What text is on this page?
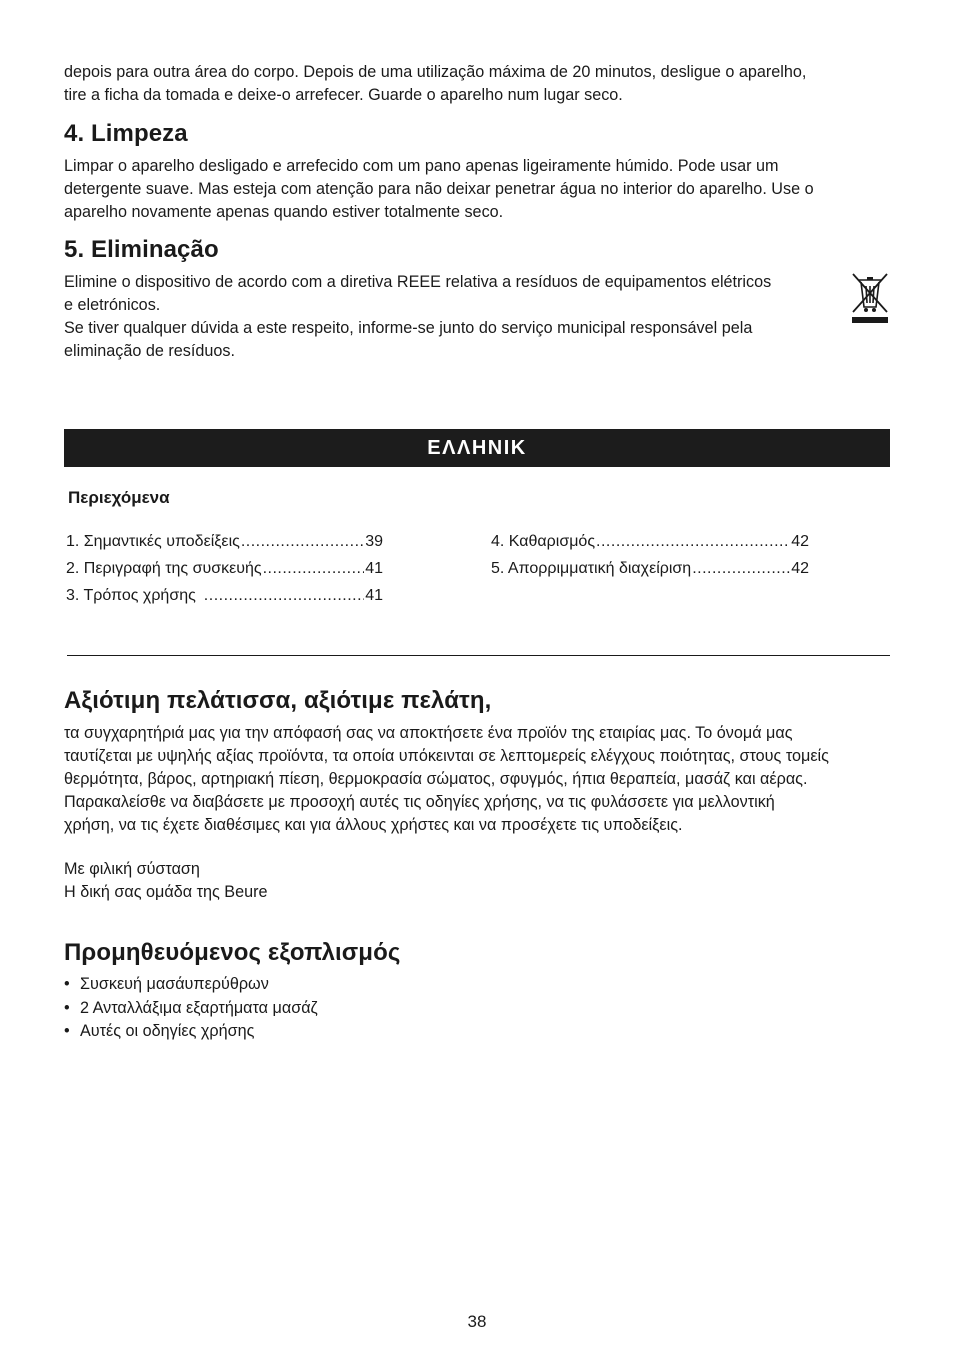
depois para outra área do corpo. Depois de uma utilização máxima de 20 minutos, desligue o aparelho,
tire a ficha da tomada e deixe-o arrefecer. Guarde o aparelho num lugar seco.
4. Limpeza
Limpar o aparelho desligado e arrefecido com um pano apenas ligeiramente húmido. Pode usar um
detergente suave. Mas esteja com atenção para não deixar penetrar água no interior do aparelho. Use o
aparelho novamente apenas quando estiver totalmente seco.
5. Eliminação
Elimine o dispositivo de acordo com a diretiva REEE relativa a resíduos de equipamentos elétricos
e eletrónicos.
Se tiver qualquer dúvida a este respeito, informe-se junto do serviço municipal responsável pela
eliminação de resíduos.
ΕΛΛΗΝΙΚ
Περιεχόμενα
1. Σημαντικές υποδείξεις .....	39
2. Περιγραφή της συσκευής .....	41
3. Τρόπος χρήσης .....	41
4. Καθαρισμός .....	42
5. Απορριμματική διαχείριση .....	42
Αξιότιμη πελάτισσα, αξιότιμε πελάτη,
τα συγχαρητήριά μας για την απόφασή σας να αποκτήσετε ένα προϊόν της εταιρίας μας. Το όνομά μας
ταυτίζεται με υψηλής αξίας προϊόντα, τα οποία υπόκεινται σε λεπτομερείς ελέγχους ποιότητας, στους τομείς
θερμότητα, βάρος, αρτηριακή πίεση, θερμοκρασία σώματος, σφυγμός, ήπια θεραπεία, μασάζ και αέρας.
Παρακαλείσθε να διαβάσετε με προσοχή αυτές τις οδηγίες χρήσης, να τις φυλάσσετε για μελλοντική
χρήση, να τις έχετε διαθέσιμες και για άλλους χρήστες και να προσέχετε τις υποδείξεις.
Με φιλική σύσταση
Η δική σας ομάδα της Beure
Προμηθευόμενος εξοπλισμός
• Συσκευή μασάυπερύθρων
• 2 Ανταλλάξιμα εξαρτήματα μασάζ
• Αυτές οι οδηγίες χρήσης
38
